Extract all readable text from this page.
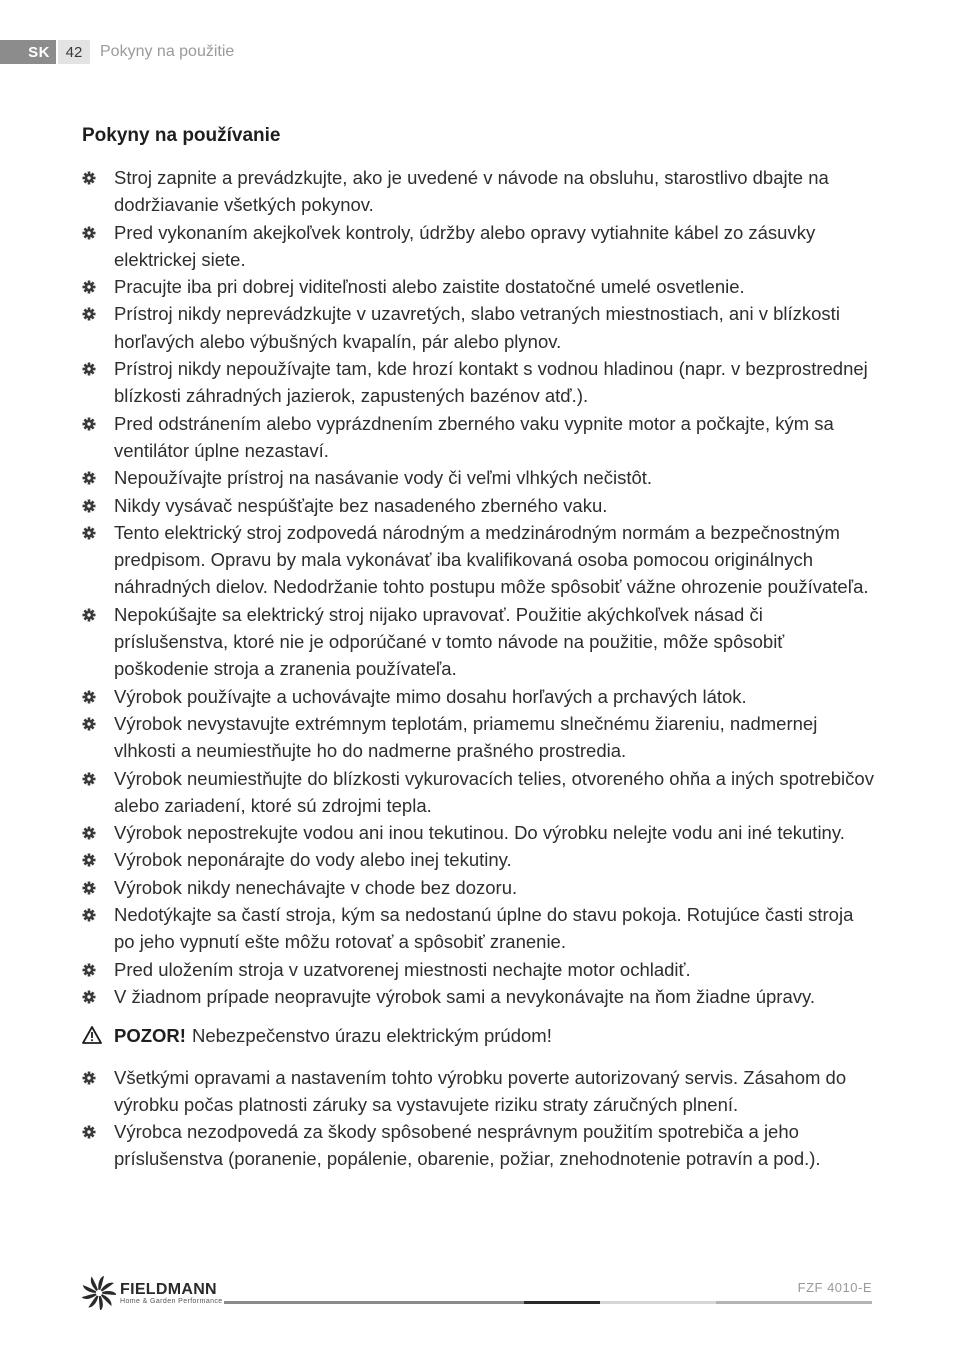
SK	42	Pokyny na použitie
Pokyny na používanie
Stroj zapnite a prevádzkujte, ako je uvedené v návode na obsluhu, starostlivo dbajte na dodržiavanie všetkých pokynov.
Pred vykonaním akejkoľvek kontroly, údržby alebo opravy vytiahnite kábel zo zásuvky elektrickej siete.
Pracujte iba pri dobrej viditeľnosti alebo zaistite dostatočné umelé osvetlenie.
Prístroj nikdy neprevádzkujte v uzavretých, slabo vetraných miestnostiach, ani v blízkosti horľavých alebo výbušných kvapalín, pár alebo plynov.
Prístroj nikdy nepoužívajte tam, kde hrozí kontakt s vodnou hladinou (napr. v bezprostrednej blízkosti záhradných jazierok, zapustených bazénov atď.).
Pred odstránením alebo vyprázdnením zberného vaku vypnite motor a počkajte, kým sa ventilátor úplne nezastaví.
Nepoužívajte prístroj na nasávanie vody či veľmi vlhkých nečistôt.
Nikdy vysávač nespúšťajte bez nasadeného zberného vaku.
Tento elektrický stroj zodpovedá národným a medzinárodným normám a bezpečnostným predpisom. Opravu by mala vykonávať iba kvalifikovaná osoba pomocou originálnych náhradných dielov. Nedodržanie tohto postupu môže spôsobiť vážne ohrozenie používateľa.
Nepokúšajte sa elektrický stroj nijako upravovať. Použitie akýchkoľvek násad či príslušenstva, ktoré nie je odporúčané v tomto návode na použitie, môže spôsobiť poškodenie stroja a zranenia používateľa.
Výrobok používajte a uchovávajte mimo dosahu horľavých a prchavých látok.
Výrobok nevystavujte extrémnym teplotám, priamemu slnečnému žiareniu, nadmernej vlhkosti a neumiestňujte ho do nadmerne prašného prostredia.
Výrobok neumiestňujte do blízkosti vykurovacích telies, otvoreného ohňa a iných spotrebičov alebo zariadení, ktoré sú zdrojmi tepla.
Výrobok nepostrekujte vodou ani inou tekutinou. Do výrobku nelejte vodu ani iné tekutiny.
Výrobok neponárajte do vody alebo inej tekutiny.
Výrobok nikdy nenechávajte v chode bez dozoru.
Nedotýkajte sa častí stroja, kým sa nedostanú úplne do stavu pokoja. Rotujúce časti stroja po jeho vypnutí ešte môžu rotovať a spôsobiť zranenie.
Pred uložením stroja v uzatvorenej miestnosti nechajte motor ochladiť.
V žiadnom prípade neopravujte výrobok sami a nevykonávajte na ňom žiadne úpravy.
POZOR! Nebezpečenstvo úrazu elektrickým prúdom!
Všetkými opravami a nastavením tohto výrobku poverte autorizovaný servis. Zásahom do výrobku počas platnosti záruky sa vystavujete riziku straty záručných plnení.
Výrobca nezodpovedá za škody spôsobené nesprávnym použitím spotrebiča a jeho príslušenstva (poranenie, popálenie, obarenie, požiar, znehodnotenie potravín a pod.).
FIELDMANN
Home & Garden Performance
FZF 4010-E
